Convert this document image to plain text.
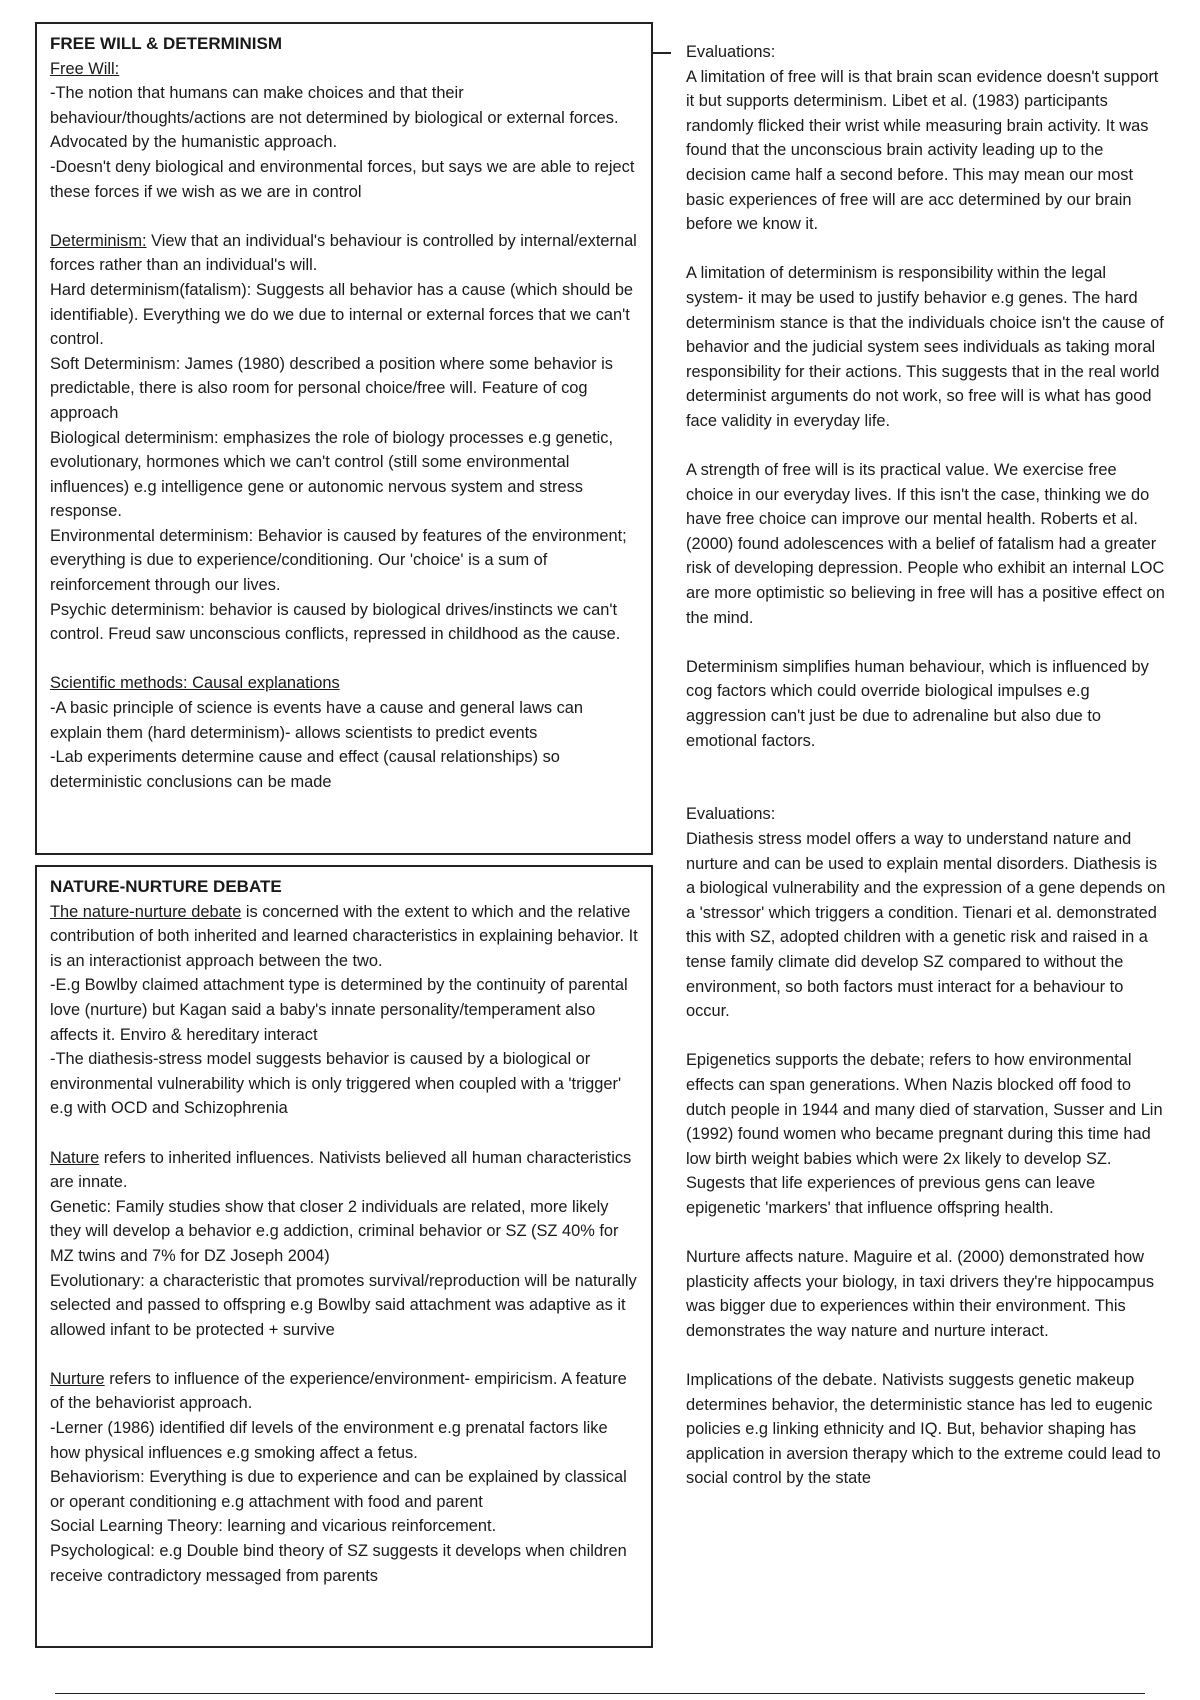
FREE WILL & DETERMINISM

Free Will:

-The notion that humans can make choices and that their behaviour/thoughts/actions are not determined by biological or external forces. Advocated by the humanistic approach.

-Doesn't deny biological and environmental forces, but says we are able to reject these forces if we wish as we are in control

Determinism: View that an individual's behaviour is controlled by internal/external forces rather than an individual's will.

Hard determinism(fatalism): Suggests all behavior has a cause (which should be identifiable). Everything we do we due to internal or external forces that we can't control.

Soft Determinism: James (1980) described a position where some behavior is predictable, there is also room for personal choice/free will. Feature of cog approach

Biological determinism: emphasizes the role of biology processes e.g genetic, evolutionary, hormones which we can't control (still some environmental influences) e.g intelligence gene or autonomic nervous system and stress response.

Environmental determinism: Behavior is caused by features of the environment; everything is due to experience/conditioning. Our 'choice' is a sum of reinforcement through our lives.

Psychic determinism: behavior is caused by biological drives/instincts we can't control. Freud saw unconscious conflicts, repressed in childhood as the cause.

Scientific methods: Causal explanations

-A basic principle of science is events have a cause and general laws can explain them (hard determinism)- allows scientists to predict events

-Lab experiments determine cause and effect (causal relationships) so deterministic conclusions can be made

NATURE-NURTURE DEBATE

The nature-nurture debate is concerned with the extent to which and the relative contribution of both inherited and learned characteristics in explaining behavior. It is an interactionist approach between the two.

-E.g Bowlby claimed attachment type is determined by the continuity of parental love (nurture) but Kagan said a baby's innate personality/temperament also affects it. Enviro & hereditary interact

-The diathesis-stress model suggests behavior is caused by a biological or environmental vulnerability which is only triggered when coupled with a 'trigger' e.g with OCD and Schizophrenia

Nature refers to inherited influences. Nativists believed all human characteristics are innate.

Genetic: Family studies show that closer 2 individuals are related, more likely they will develop a behavior e.g addiction, criminal behavior or SZ (SZ 40% for MZ twins and 7% for DZ Joseph 2004)

Evolutionary: a characteristic that promotes survival/reproduction will be naturally selected and passed to offspring e.g Bowlby said attachment was adaptive as it allowed infant to be protected + survive

Nurture refers to influence of the experience/environment- empiricism. A feature of the behaviorist approach.

-Lerner (1986) identified dif levels of the environment e.g prenatal factors like how physical influences e.g smoking affect a fetus.

Behaviorism: Everything is due to experience and can be explained by classical or operant conditioning e.g attachment with food and parent

Social Learning Theory: learning and vicarious reinforcement.

Psychological: e.g Double bind theory of SZ suggests it develops when children receive contradictory messaged from parents

Evaluations:

A limitation of free will is that brain scan evidence doesn't support it but supports determinism. Libet et al. (1983) participants randomly flicked their wrist while measuring brain activity. It was found that the unconscious brain activity leading up to the decision came half a second before. This may mean our most basic experiences of free will are acc determined by our brain before we know it.

A limitation of determinism is responsibility within the legal system- it may be used to justify behavior e.g genes. The hard determinism stance is that the individuals choice isn't the cause of behavior and the judicial system sees individuals as taking moral responsibility for their actions. This suggests that in the real world determinist arguments do not work, so free will is what has good face validity in everyday life.

A strength of free will is its practical value. We exercise free choice in our everyday lives. If this isn't the case, thinking we do have free choice can improve our mental health. Roberts et al. (2000) found adolescences with a belief of fatalism had a greater risk of developing depression. People who exhibit an internal LOC are more optimistic so believing in free will has a positive effect on the mind.

Determinism simplifies human behaviour, which is influenced by cog factors which could override biological impulses e.g aggression can't just be due to adrenaline but also due to emotional factors.

Evaluations:

Diathesis stress model offers a way to understand nature and nurture and can be used to explain mental disorders. Diathesis is a biological vulnerability and the expression of a gene depends on a 'stressor' which triggers a condition. Tienari et al. demonstrated this with SZ, adopted children with a genetic risk and raised in a tense family climate did develop SZ compared to without the environment, so both factors must interact for a behaviour to occur.

Epigenetics supports the debate; refers to how environmental effects can span generations. When Nazis blocked off food to dutch people in 1944 and many died of starvation, Susser and Lin (1992) found women who became pregnant during this time had low birth weight babies which were 2x likely to develop SZ. Sugests that life experiences of previous gens can leave epigenetic 'markers' that influence offspring health.

Nurture affects nature. Maguire et al. (2000) demonstrated how plasticity affects your biology, in taxi drivers they're hippocampus was bigger due to experiences within their environment. This demonstrates the way nature and nurture interact.

Implications of the debate. Nativists suggests genetic makeup determines behavior, the deterministic stance has led to eugenic policies e.g linking ethnicity and IQ. But, behavior shaping has application in aversion therapy which to the extreme could lead to social control by the state
